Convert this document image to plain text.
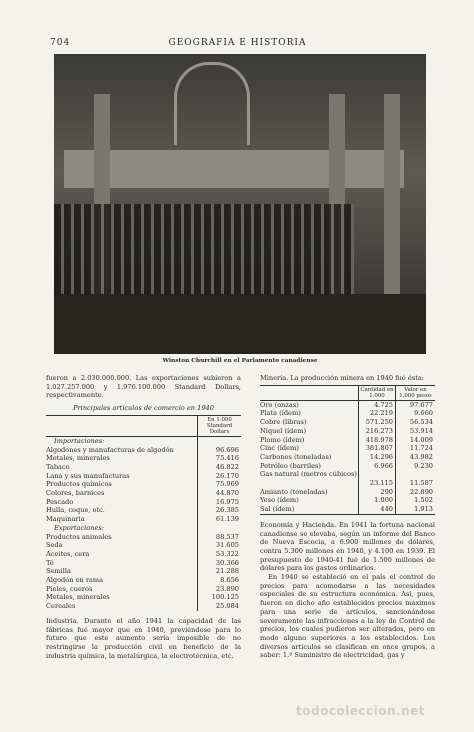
704	GEOGRAFIA E HISTORIA
Winston Churchill en el Parlamento canadiense

fueron a 2.030.000.000. Las exportaciones subieron a 1.027.257.000 y 1.976.100.000 Standard Dollars, respectivamente.

Principales artículos de comercio en 1940
En 1.000 Standard Dollars
Importaciones:
Algodones y manufacturas de algodón	96.696
Metales, minerales	75.416
Tabaco	46.822
Lana y sus manufacturas	26.170
Productos químicos	75.969
Colores, barnices	44.870
Pescado	16.975
Hulla, coque, etc.	26.385
Maquinaria	61.139
Exportaciones:
Productos animales	88.537
Seda	31.605
Aceites, cera	53.322
Té	30.366
Semilla	21.288
Algodón en rama	8.656
Pieles, cueros	23.890
Metales, minerales	100.125
Cereales	25.084

Industria. Durante el año 1941 la capacidad de las fábricas fué mayor que en 1940, previéndose para lo futuro que este aumento sería imposible de no restringirse la producción civil en beneficio de la industria química, la metalúrgica, la electrotécnica, etc.

Minería. La producción minera en 1940 fué ésta:

Cantidad en 1.000
Valor en 1.000 pesos
Oro (onzas)	4.725	97.677
Plata (ídem)	22.219	9.660
Cobre (libras)	571.250	56.534
Níquel (ídem)	216.273	53.914
Plomo (ídem)	418.978	14.009
Cinc (ídem)	381.807	11.724
Carbones (toneladas)	14.296	43.982
Petróleo (barriles)	6.966	9.230
Gas natural (metros cúbicos)
23.115	11.587
Amianto (toneladas)	290	22.890
Yeso (ídem)	1.000	1.502
Sal (ídem)	440	1.913

Economía y Hacienda. En 1941 la fortuna nacional canadiense se elevaba, según un informe del Banco de Nueva Escocia, a 6.900 millones de dólares, contra 5.300 millones en 1940, y 4.100 en 1939. El presupuesto de 1940-41 fué de 1.500 millones de dólares para los gastos ordinarios.

En 1940 se estableció en el país el control de precios para acomodarse a las necesidades especiales de su estructura económica. Así, pues, fueron en dicho año establecidos precios máximos para una serie de artículos, sancionándose severamente las infracciones a la ley de Control de precios, los cuales pudieron ser alterados, pero en modo alguno superiores a los establecidos. Los diversos artículos se clasifican en once grupos, a saber: 1.º Suministro de electricidad, gas y

todocoleccion.net
